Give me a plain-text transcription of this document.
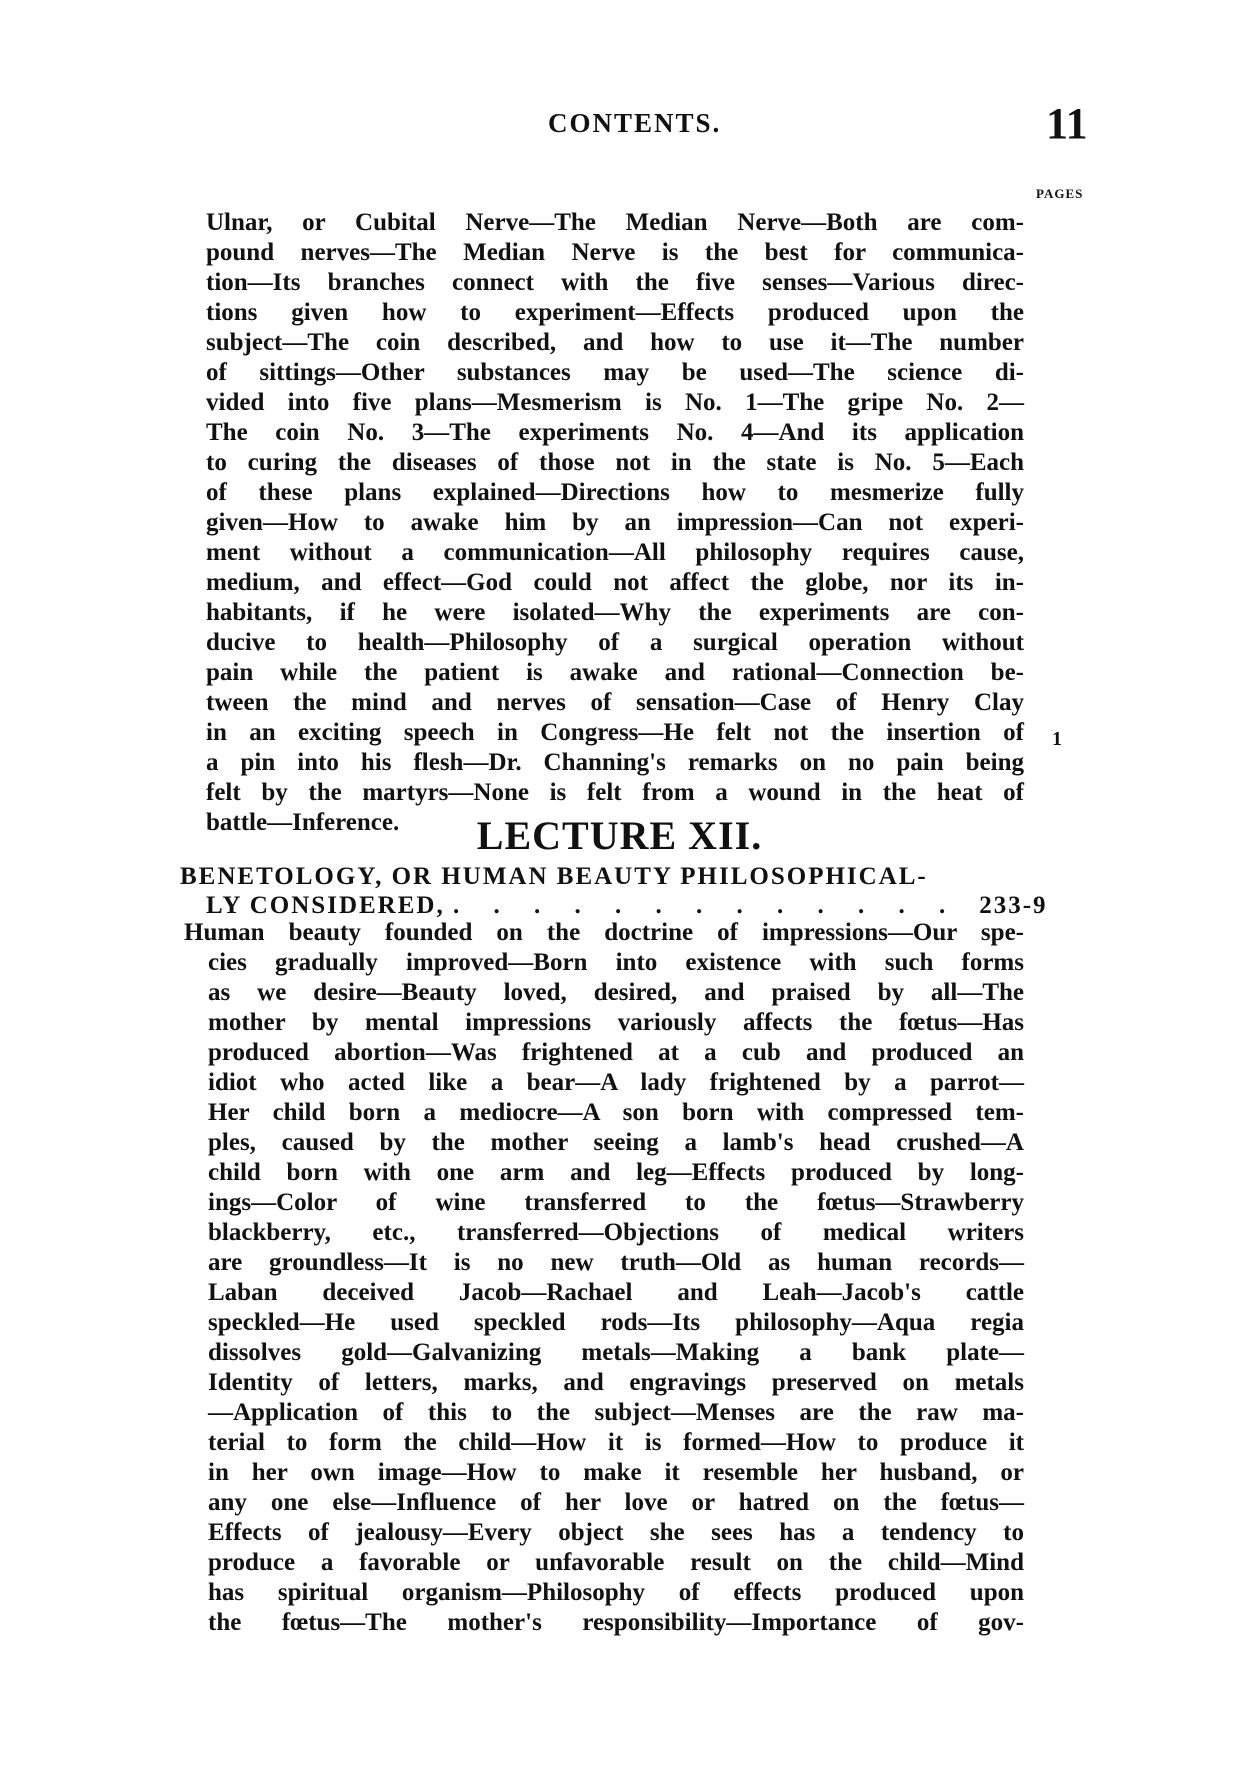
CONTENTS.	11
PAGES
Ulnar, or Cubital Nerve—The Median Nerve—Both are com-
pound nerves—The Median Nerve is the best for communica-
tion—Its branches connect with the five senses—Various direc-
tions given how to experiment—Effects produced upon the
subject—The coin described, and how to use it—The number
of sittings—Other substances may be used—The science di-
vided into five plans—Mesmerism is No. 1—The gripe No. 2—
The coin No. 3—The experiments No. 4—And its application
to curing the diseases of those not in the state is No. 5—Each
of these plans explained—Directions how to mesmerize fully
given—How to awake him by an impression—Can not experi-
ment without a communication—All philosophy requires cause,
medium, and effect—God could not affect the globe, nor its in-
habitants, if he were isolated—Why the experiments are con-
ducive to health—Philosophy of a surgical operation without
pain while the patient is awake and rational—Connection be-
tween the mind and nerves of sensation—Case of Henry Clay
in an exciting speech in Congress—He felt not the insertion of
a pin into his flesh—Dr. Channing's remarks on no pain being
felt by the martyrs—None is felt from a wound in the heat of
battle—Inference.
1
LECTURE XII.
BENETOLOGY, OR HUMAN BEAUTY PHILOSOPHICAL-
LY CONSIDERED, . . . . . . . . . . . . . 233-9
Human beauty founded on the doctrine of impressions—Our spe-
cies gradually improved—Born into existence with such forms
as we desire—Beauty loved, desired, and praised by all—The
mother by mental impressions variously affects the fœtus—Has
produced abortion—Was frightened at a cub and produced an
idiot who acted like a bear—A lady frightened by a parrot—
Her child born a mediocre—A son born with compressed tem-
ples, caused by the mother seeing a lamb's head crushed—A
child born with one arm and leg—Effects produced by long-
ings—Color of wine transferred to the fœtus—Strawberry
blackberry, etc., transferred—Objections of medical writers
are groundless—It is no new truth—Old as human records—
Laban deceived Jacob—Rachael and Leah—Jacob's cattle
speckled—He used speckled rods—Its philosophy—Aqua regia
dissolves gold—Galvanizing metals—Making a bank plate—
Identity of letters, marks, and engravings preserved on metals
—Application of this to the subject—Menses are the raw ma-
terial to form the child—How it is formed—How to produce it
in her own image—How to make it resemble her husband, or
any one else—Influence of her love or hatred on the fœtus—
Effects of jealousy—Every object she sees has a tendency to
produce a favorable or unfavorable result on the child—Mind
has spiritual organism—Philosophy of effects produced upon
the fœtus—The mother's responsibility—Importance of gov-
